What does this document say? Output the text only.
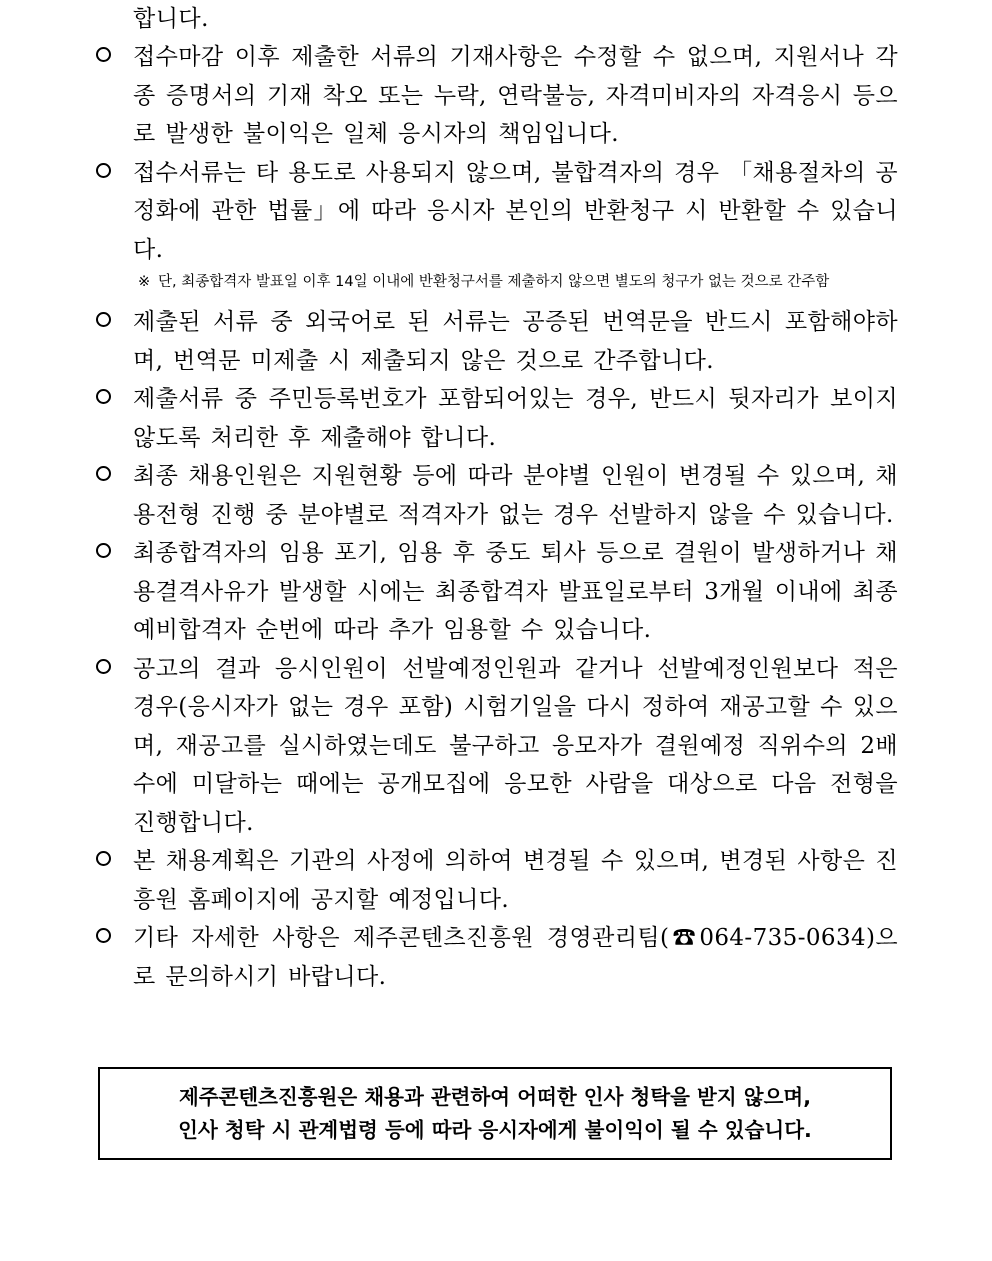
합니다.
접수마감 이후 제출한 서류의 기재사항은 수정할 수 없으며, 지원서나 각종 증명서의 기재 착오 또는 누락, 연락불능, 자격미비자의 자격응시 등으로 발생한 불이익은 일체 응시자의 책임입니다.
접수서류는 타 용도로 사용되지 않으며, 불합격자의 경우 「채용절차의 공정화에 관한 법률」에 따라 응시자 본인의 반환청구 시 반환할 수 있습니다.
※ 단, 최종합격자 발표일 이후 14일 이내에 반환청구서를 제출하지 않으면 별도의 청구가 없는 것으로 간주함
제출된 서류 중 외국어로 된 서류는 공증된 번역문을 반드시 포함해야하며, 번역문 미제출 시 제출되지 않은 것으로 간주합니다.
제출서류 중 주민등록번호가 포함되어있는 경우, 반드시 뒷자리가 보이지 않도록 처리한 후 제출해야 합니다.
최종 채용인원은 지원현황 등에 따라 분야별 인원이 변경될 수 있으며, 채용전형 진행 중 분야별로 적격자가 없는 경우 선발하지 않을 수 있습니다.
최종합격자의 임용 포기, 임용 후 중도 퇴사 등으로 결원이 발생하거나 채용결격사유가 발생할 시에는 최종합격자 발표일로부터 3개월 이내에 최종예비합격자 순번에 따라 추가 임용할 수 있습니다.
공고의 결과 응시인원이 선발예정인원과 같거나 선발예정인원보다 적은 경우(응시자가 없는 경우 포함) 시험기일을 다시 정하여 재공고할 수 있으며, 재공고를 실시하였는데도 불구하고 응모자가 결원예정 직위수의 2배수에 미달하는 때에는 공개모집에 응모한 사람을 대상으로 다음 전형을 진행합니다.
본 채용계획은 기관의 사정에 의하여 변경될 수 있으며, 변경된 사항은 진흥원 홈페이지에 공지할 예정입니다.
기타 자세한 사항은 제주콘텐츠진흥원 경영관리팀(☎064-735-0634)으로 문의하시기 바랍니다.
제주콘텐츠진흥원은 채용과 관련하여 어떠한 인사 청탁을 받지 않으며,
인사 청탁 시 관계법령 등에 따라 응시자에게 불이익이 될 수 있습니다.
